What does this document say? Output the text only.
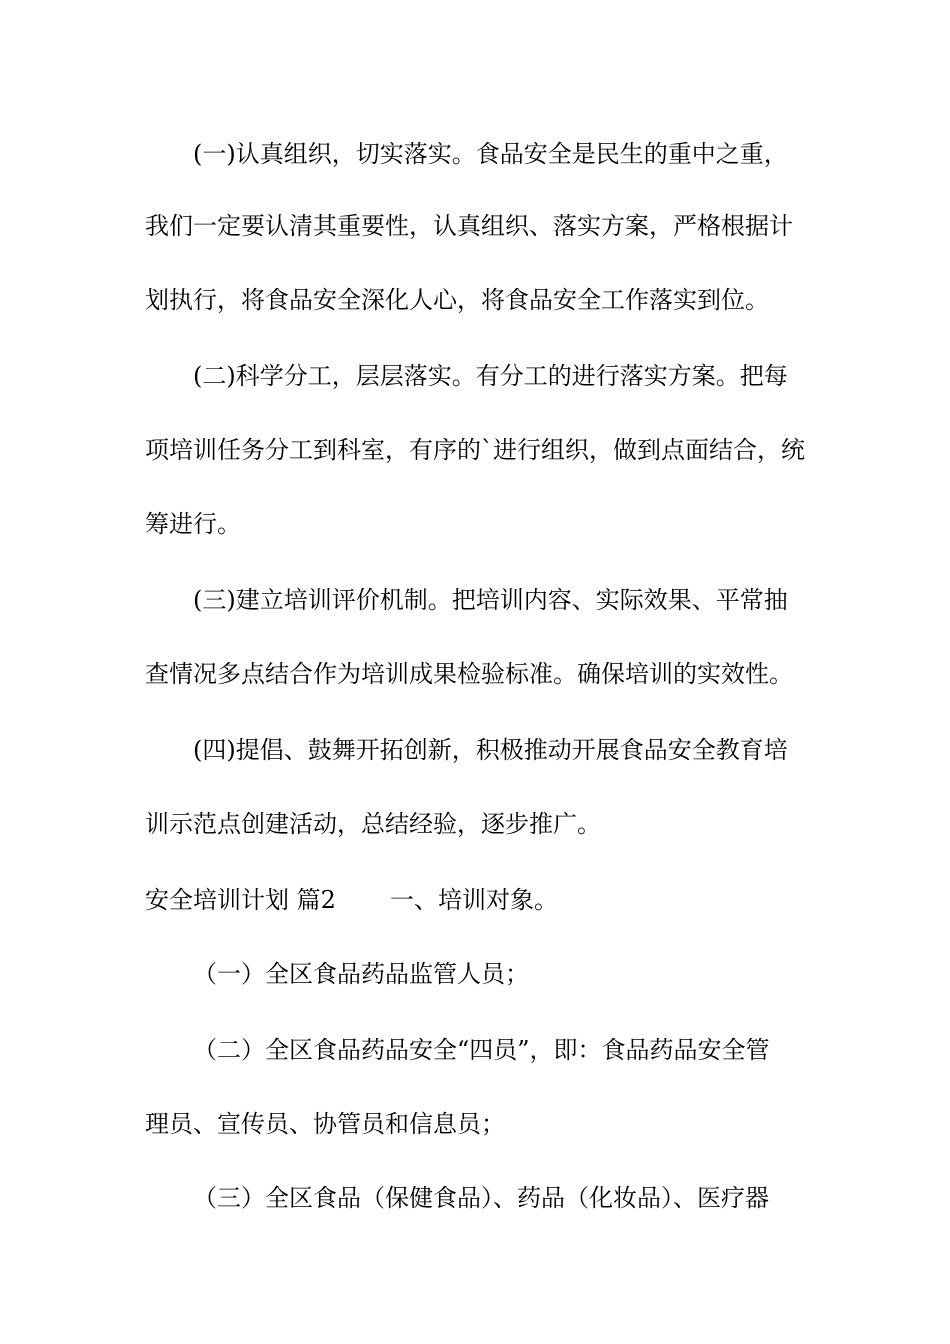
(一)认真组织，切实落实。食品安全是民生的重中之重，
我们一定要认清其重要性，认真组织、落实方案，严格根据计
划执行，将食品安全深化人心，将食品安全工作落实到位。
(二)科学分工，层层落实。有分工的进行落实方案。把每
项培训任务分工到科室，有序的`进行组织，做到点面结合，统
筹进行。
(三)建立培训评价机制。把培训内容、实际效果、平常抽
查情况多点结合作为培训成果检验标准。确保培训的实效性。
(四)提倡、鼓舞开拓创新，积极推动开展食品安全教育培
训示范点创建活动，总结经验，逐步推广。
安全培训计划 篇2 一、培训对象。
（一）全区食品药品监管人员；
（二）全区食品药品安全“四员”，即：食品药品安全管
理员、宣传员、协管员和信息员；
（三）全区食品（保健食品）、药品（化妆品）、医疗器
